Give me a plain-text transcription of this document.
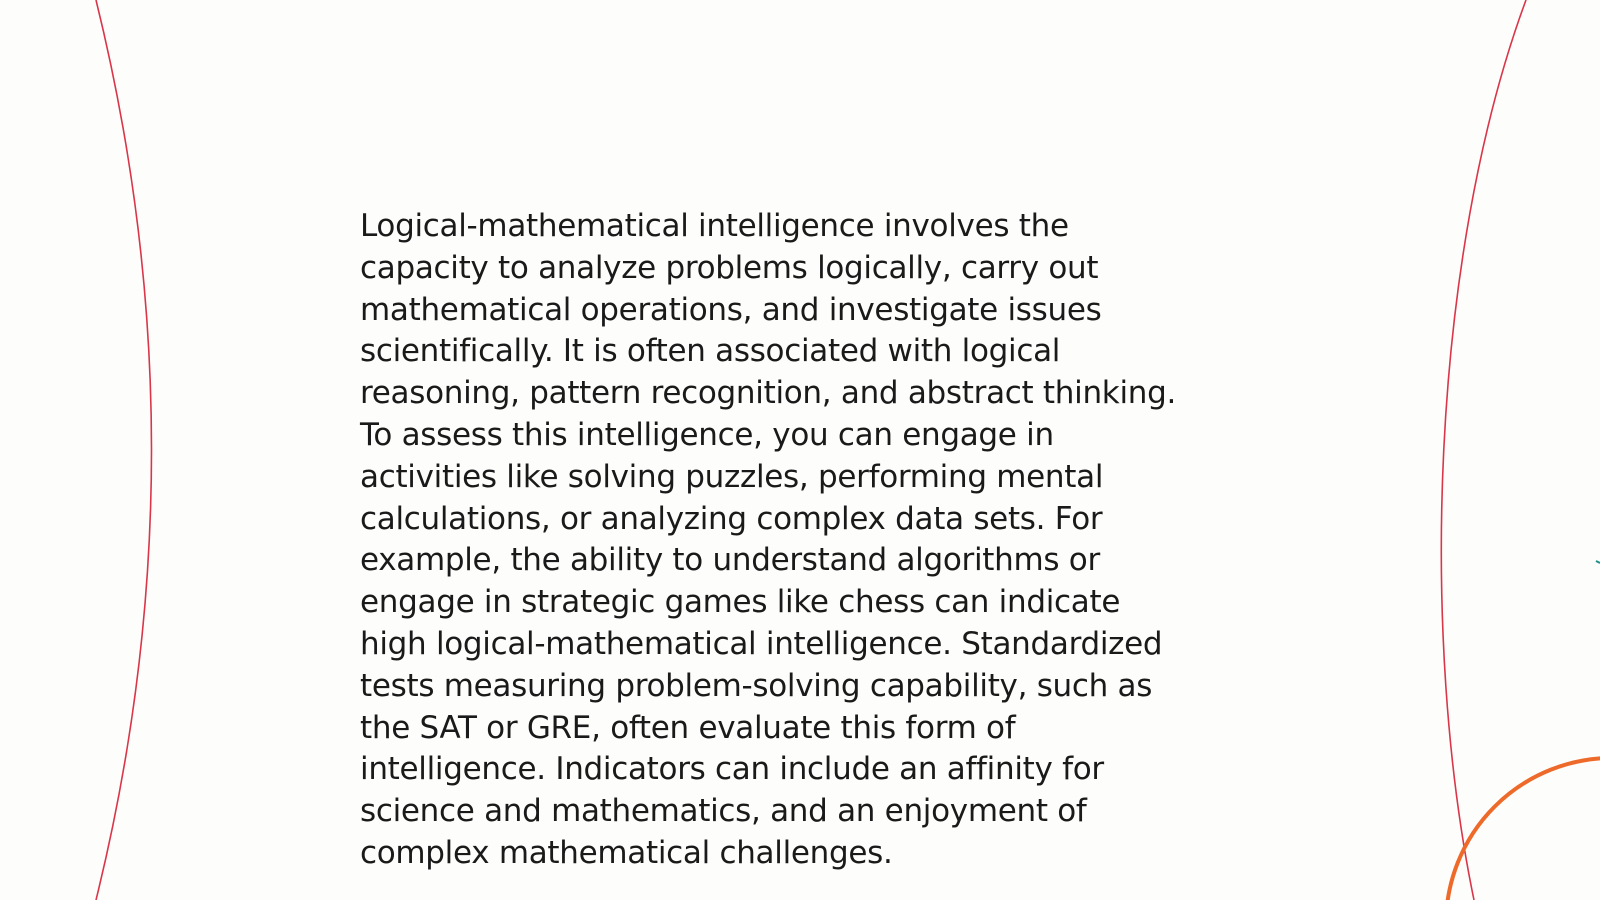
Logical-mathematical intelligence involves the
capacity to analyze problems logically, carry out
mathematical operations, and investigate issues
scientifically. It is often associated with logical
reasoning, pattern recognition, and abstract thinking.
To assess this intelligence, you can engage in
activities like solving puzzles, performing mental
calculations, or analyzing complex data sets. For
example, the ability to understand algorithms or
engage in strategic games like chess can indicate
high logical-mathematical intelligence. Standardized
tests measuring problem-solving capability, such as
the SAT or GRE, often evaluate this form of
intelligence. Indicators can include an affinity for
science and mathematics, and an enjoyment of
complex mathematical challenges.
